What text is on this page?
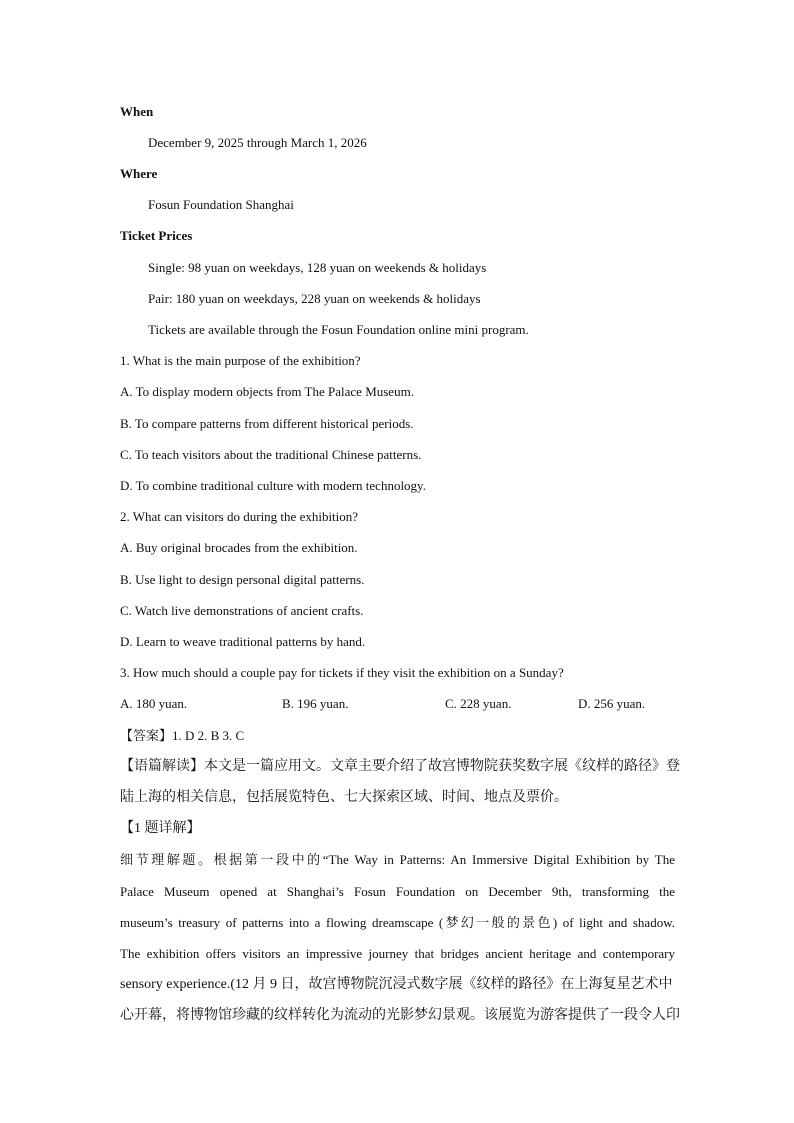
When
December 9, 2025 through March 1, 2026
Where
Fosun Foundation Shanghai
Ticket Prices
Single: 98 yuan on weekdays, 128 yuan on weekends & holidays
Pair: 180 yuan on weekdays, 228 yuan on weekends & holidays
Tickets are available through the Fosun Foundation online mini program.
1. What is the main purpose of the exhibition?
A. To display modern objects from The Palace Museum.
B. To compare patterns from different historical periods.
C. To teach visitors about the traditional Chinese patterns.
D. To combine traditional culture with modern technology.
2. What can visitors do during the exhibition?
A. Buy original brocades from the exhibition.
B. Use light to design personal digital patterns.
C. Watch live demonstrations of ancient crafts.
D. Learn to weave traditional patterns by hand.
3. How much should a couple pay for tickets if they visit the exhibition on a Sunday?
A. 180 yuan.	B. 196 yuan.	C. 228 yuan.	D. 256 yuan.
【答案】1. D 2. B 3. C
【语篇解读】本文是一篇应用文。文章主要介绍了故宫博物院获奖数字展《纹样的路径》登
陆上海的相关信息，包括展览特色、七大探索区域、时间、地点及票价。
【1 题详解】
细节理解题。根据第一段中的“The Way in Patterns: An Immersive Digital Exhibition by The
Palace Museum opened at Shanghai’s Fosun Foundation on December 9th, transforming the
museum’s treasury of patterns into a flowing dreamscape (梦幻一般的景色) of light and shadow.
The exhibition offers visitors an impressive journey that bridges ancient heritage and contemporary
sensory experience.(12 月 9 日，故宫博物院沉浸式数字展《纹样的路径》在上海复星艺术中
心开幕，将博物馆珍藏的纹样转化为流动的光影梦幻景观。该展览为游客提供了一段令人印
